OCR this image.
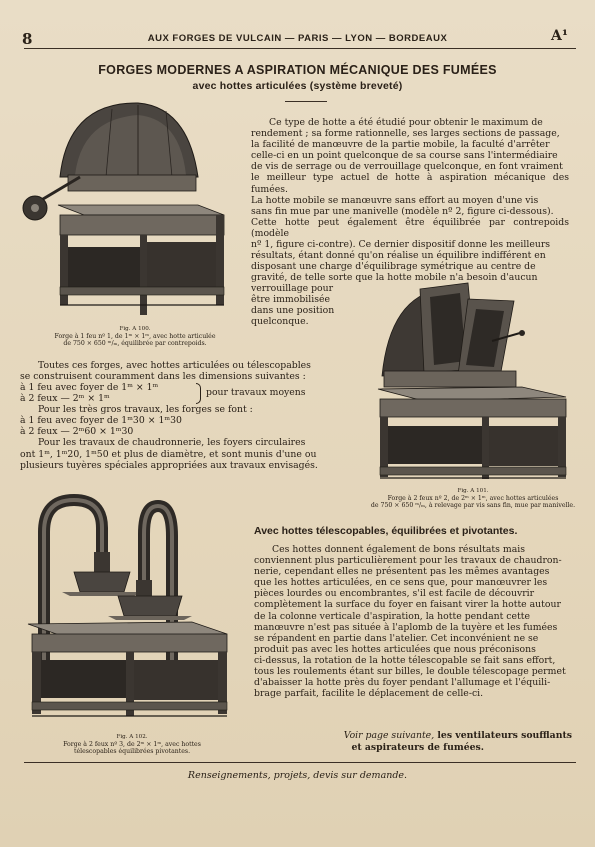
8	AUX FORGES DE VULCAIN — PARIS — LYON — BORDEAUX	A¹
FORGES MODERNES A ASPIRATION MÉCANIQUE DES FUMÉES
avec hottes articulées (système breveté)
Fig. A 100.
Forge à 1 feu nº 1, de 1ᵐ × 1ᵐ, avec hotte articulée
de 750 × 650 ᵐ/ₘ, équilibrée par contrepoids.
Ce type de hotte a été étudié pour obtenir le maximum de
rendement ; sa forme rationnelle, ses larges sections de passage,
la facilité de manœuvre de la partie mobile, la faculté d'arrêter
celle-ci en un point quelconque de sa course sans l'intermédiaire
de vis de serrage ou de verrouillage quelconque, en font vraiment
le meilleur type actuel de hotte à aspiration mécanique des fumées.
La hotte mobile se manœuvre sans effort au moyen d'une vis
sans fin mue par une manivelle (modèle nº 2, figure ci-dessous).
Cette hotte peut également être équilibrée par contrepoids (modèle
nº 1, figure ci-contre). Ce dernier dispositif donne les meilleurs
résultats, étant donné qu'on réalise un équilibre indifférent en
disposant une charge d'équilibrage symétrique au centre de
gravité, de telle sorte que la hotte mobile n'a besoin d'aucun
verrouillage pour
être immobilisée
dans une position
quelconque.
Fig. A 101.
Forge à 2 feux nº 2, de 2ᵐ × 1ᵐ, avec hottes articulées
de 750 × 650 ᵐ/ₘ, à relevage par vis sans fin, mue par manivelle.
Toutes ces forges, avec hottes articulées ou télescopables
se construisent couramment dans les dimensions suivantes :
à 1 feu avec foyer de 1ᵐ × 1ᵐ
à 2 feux — 2ᵐ × 1ᵐ
pour travaux moyens
Pour les très gros travaux, les forges se font :
à 1 feu avec foyer de 1ᵐ30 × 1ᵐ30
à 2 feux — 2ᵐ60 × 1ᵐ30
Pour les travaux de chaudronnerie, les foyers circulaires
ont 1ᵐ, 1ᵐ20, 1ᵐ50 et plus de diamètre, et sont munis d'une ou
plusieurs tuyères spéciales appropriées aux travaux envisagés.
Fig. A 102.
Forge à 2 feux nº 3, de 2ᵐ × 1ᵐ, avec hottes
télescopables équilibrées pivotantes.
Avec hottes télescopables, équilibrées et pivotantes.
Ces hottes donnent également de bons résultats mais
conviennent plus particulièrement pour les travaux de chaudron-
nerie, cependant elles ne présentent pas les mêmes avantages
que les hottes articulées, en ce sens que, pour manœuvrer les
pièces lourdes ou encombrantes, s'il est facile de découvrir
complètement la surface du foyer en faisant virer la hotte autour
de la colonne verticale d'aspiration, la hotte pendant cette
manœuvre n'est pas située à l'aplomb de la tuyère et les fumées
se répandent en partie dans l'atelier. Cet inconvénient ne se
produit pas avec les hottes articulées que nous préconisons
ci-dessus, la rotation de la hotte télescopable se fait sans effort,
tous les roulements étant sur billes, le double télescopage permet
d'abaisser la hotte près du foyer pendant l'allumage et l'équili-
brage parfait, facilite le déplacement de celle-ci.
Voir page suivante, les ventilateurs soufflants
et aspirateurs de fumées.
Renseignements, projets, devis sur demande.
